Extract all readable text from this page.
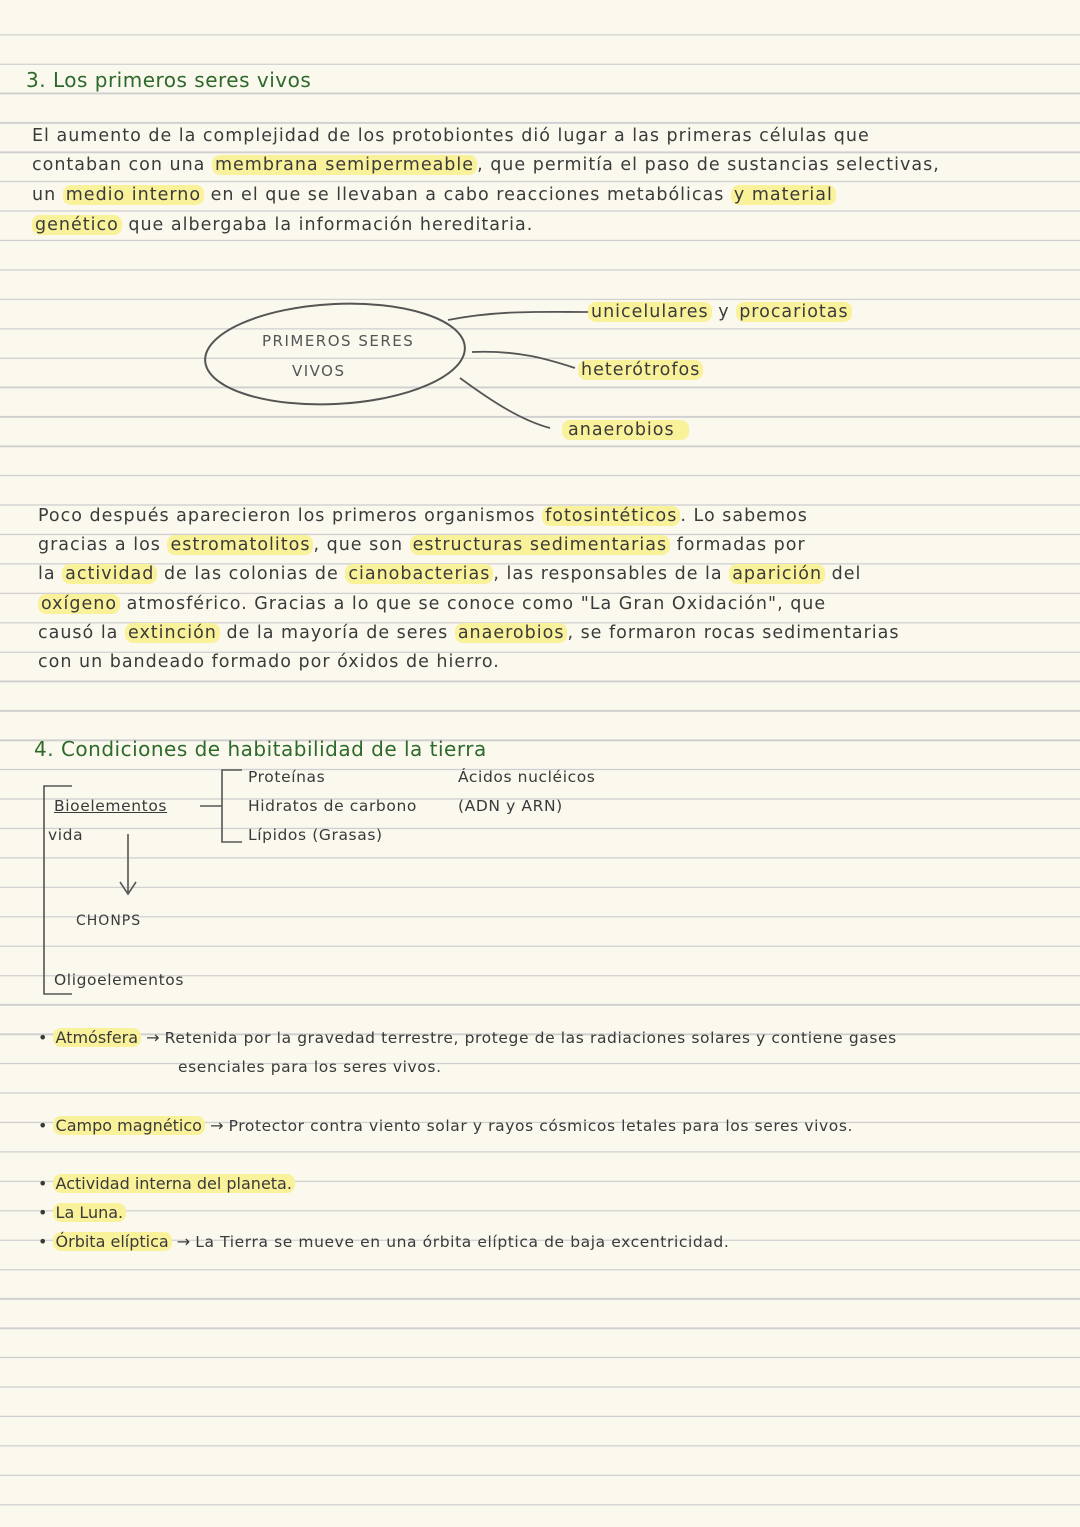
3. Los primeros seres vivos
El aumento de la complejidad de los protobiontes dió lugar a las primeras células que
contaban con una membrana semipermeable , que permitía el paso de sustancias selectivas,
un medio interno en el que se llevaban a cabo reacciones metabólicas y material
genético que albergaba la información hereditaria.
PRIMEROS SERES
VIVOS
unicelulares y procariotas
heterótrofos
anaerobios
Poco después aparecieron los primeros organismos fotosintéticos . Lo sabemos
gracias a los estromatolitos , que son estructuras sedimentarias formadas por
la actividad de las colonias de cianobacterias , las responsables de la aparición del
oxígeno atmosférico. Gracias a lo que se conoce como "La Gran Oxidación", que
causó la extinción de la mayoría de seres anaerobios , se formaron rocas sedimentarias
con un bandeado formado por óxidos de hierro.
4. Condiciones de habitabilidad de la tierra
Bioelementos
vida
Proteínas
Hidratos de carbono
Lípidos (Grasas)
Ácidos nucléicos
(ADN y ARN)
CHONPS
Oligoelementos
• Atmósfera → Retenida por la gravedad terrestre, protege de las radiaciones solares y contiene gases
esenciales para los seres vivos.
• Campo magnético → Protector contra viento solar y rayos cósmicos letales para los seres vivos.
• Actividad interna del planeta.
• La Luna.
• Órbita elíptica → La Tierra se mueve en una órbita elíptica de baja excentricidad.
